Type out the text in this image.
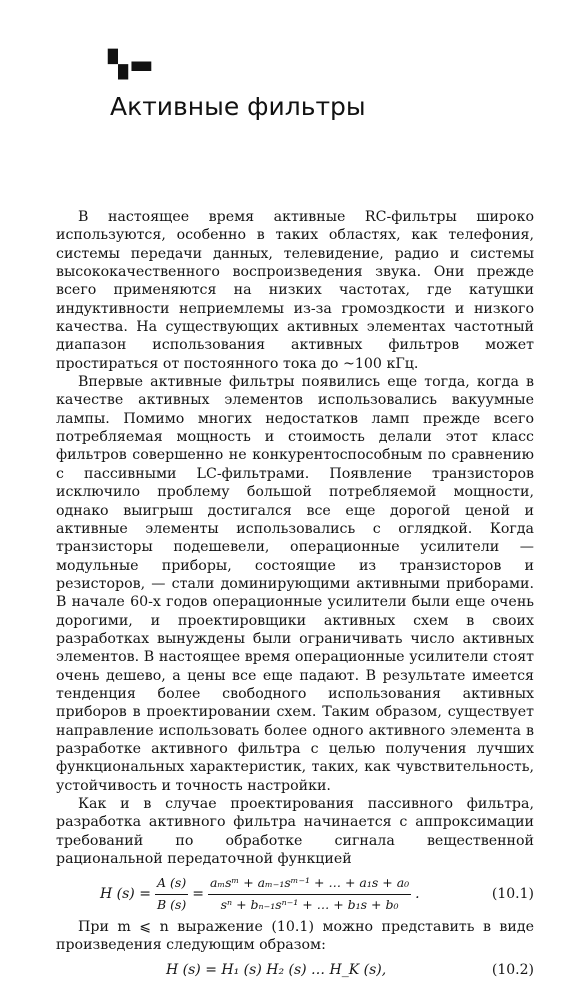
▚▬
Активные фильтры

В настоящее время активные RC-фильтры широко используются, особенно в таких областях, как телефония, системы передачи данных, телевидение, радио и системы высококачественного воспроизведения звука. Они прежде всего применяются на низких частотах, где катушки индуктивности неприемлемы из-за громоздкости и низкого качества. На существующих активных элементах частотный диапазон использования активных фильтров может простираться от постоянного тока до ~100 кГц.

Впервые активные фильтры появились еще тогда, когда в качестве активных элементов использовались вакуумные лампы. Помимо многих недостатков ламп прежде всего потребляемая мощность и стоимость делали этот класс фильтров совершенно не конкурентоспособным по сравнению с пассивными LC-фильтрами. Появление транзисторов исключило проблему большой потребляемой мощности, однако выигрыш достигался все еще дорогой ценой и активные элементы использовались с оглядкой. Когда транзисторы подешевели, операционные усилители — модульные приборы, состоящие из транзисторов и резисторов, — стали доминирующими активными приборами. В начале 60-х годов операционные усилители были еще очень дорогими, и проектировщики активных схем в своих разработках вынуждены были ограничивать число активных элементов. В настоящее время операционные усилители стоят очень дешево, а цены все еще падают. В результате имеется тенденция более свободного использования активных приборов в проектировании схем. Таким образом, существует направление использовать более одного активного элемента в разработке активного фильтра с целью получения лучших функциональных характеристик, таких, как чувствительность, устойчивость и точность настройки.

Как и в случае проектирования пассивного фильтра, разработка активного фильтра начинается с аппроксимации требований по обработке сигнала вещественной рациональной передаточной функцией

H $(s) = \frac{A (s)}{B (s)} = \frac{\text{aₘsᵐ + aₘ₋₁sᵐ⁻¹ + … + a₁s + a₀}}{\text{sⁿ + bₙ₋₁sⁿ⁻¹ + … + b₁s + b₀}}$ .	(10.1)

При m ⩽ n выражение (10.1) можно представить в виде произведения следующим образом:

H (s) = H₁ (s) H₂ (s) … H_K (s),	(10.2)
